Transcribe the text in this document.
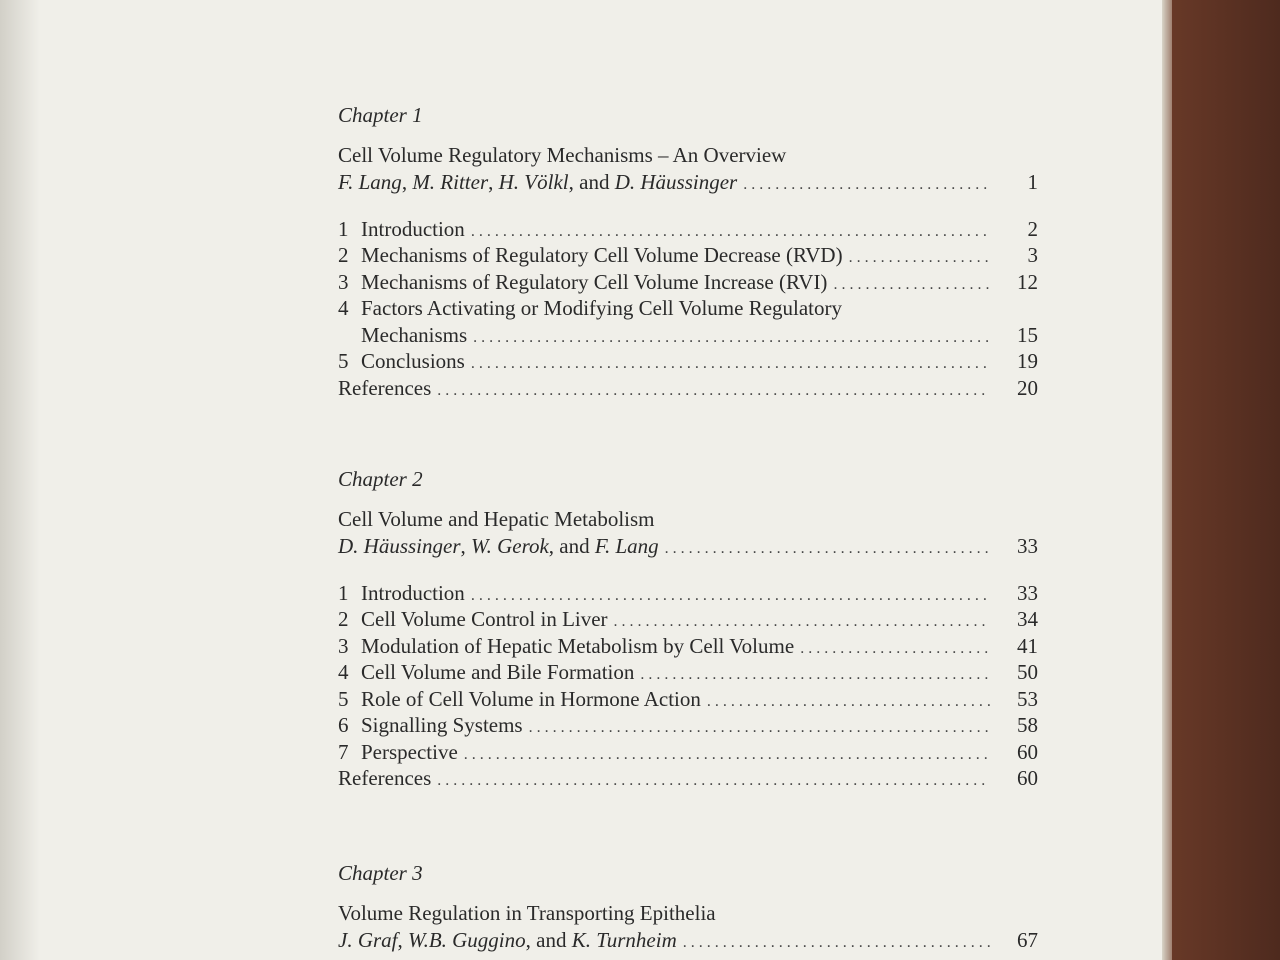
Chapter 1
Cell Volume Regulatory Mechanisms – An Overview
F. Lang, M. Ritter, H. Völkl, and D. Häussinger . . .	1
1 Introduction . . .	2
2 Mechanisms of Regulatory Cell Volume Decrease (RVD) . . .	3
3 Mechanisms of Regulatory Cell Volume Increase (RVI) . . .	12
4 Factors Activating or Modifying Cell Volume Regulatory
Mechanisms . . .	15
5 Conclusions . . .	19
References . . .	20
Chapter 2
Cell Volume and Hepatic Metabolism
D. Häussinger, W. Gerok, and F. Lang . . .	33
1 Introduction . . .	33
2 Cell Volume Control in Liver . . .	34
3 Modulation of Hepatic Metabolism by Cell Volume . . .	41
4 Cell Volume and Bile Formation . . .	50
5 Role of Cell Volume in Hormone Action . . .	53
6 Signalling Systems . . .	58
7 Perspective . . .	60
References . . .	60
Chapter 3
Volume Regulation in Transporting Epithelia
J. Graf, W.B. Guggino, and K. Turnheim . . .	67
